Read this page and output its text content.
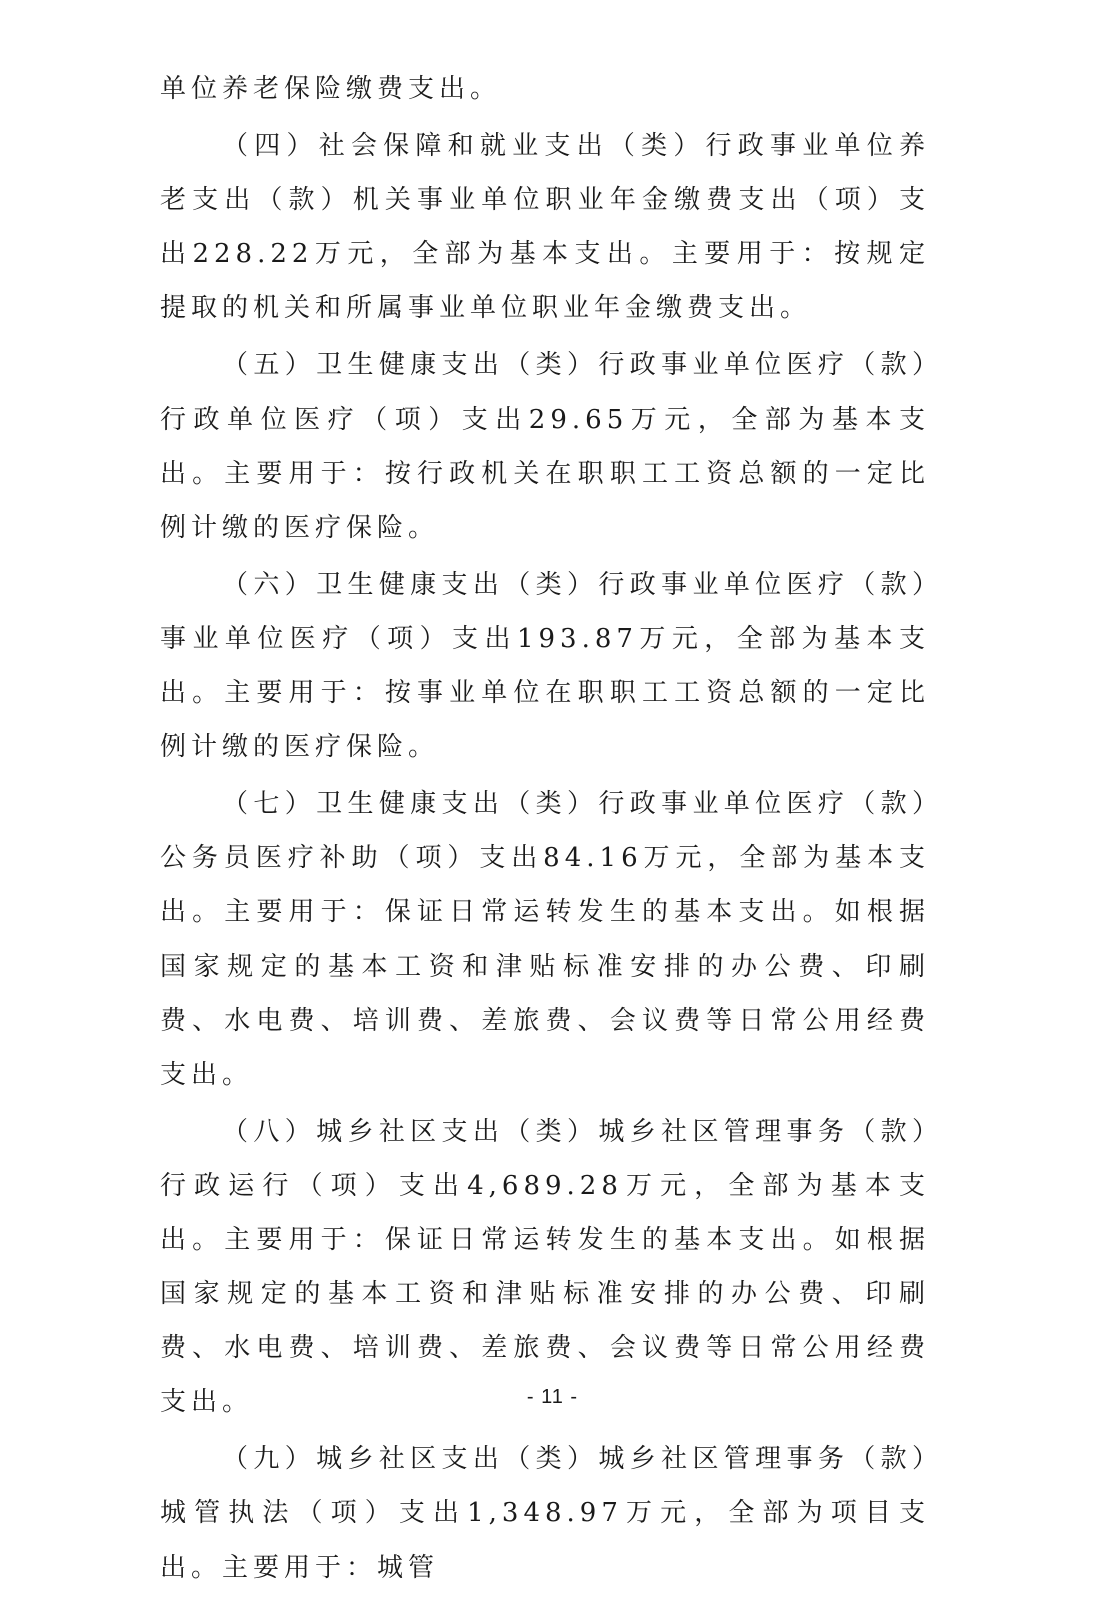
单位养老保险缴费支出。

（四）社会保障和就业支出（类）行政事业单位养老支出（款）机关事业单位职业年金缴费支出（项）支出228.22万元，全部为基本支出。主要用于：按规定提取的机关和所属事业单位职业年金缴费支出。

（五）卫生健康支出（类）行政事业单位医疗（款）行政单位医疗（项）支出29.65万元，全部为基本支出。主要用于：按行政机关在职职工工资总额的一定比例计缴的医疗保险。

（六）卫生健康支出（类）行政事业单位医疗（款）事业单位医疗（项）支出193.87万元，全部为基本支出。主要用于：按事业单位在职职工工资总额的一定比例计缴的医疗保险。

（七）卫生健康支出（类）行政事业单位医疗（款）公务员医疗补助（项）支出84.16万元，全部为基本支出。主要用于：保证日常运转发生的基本支出。如根据国家规定的基本工资和津贴标准安排的办公费、印刷费、水电费、培训费、差旅费、会议费等日常公用经费支出。

（八）城乡社区支出（类）城乡社区管理事务（款）行政运行（项）支出4,689.28万元，全部为基本支出。主要用于：保证日常运转发生的基本支出。如根据国家规定的基本工资和津贴标准安排的办公费、印刷费、水电费、培训费、差旅费、会议费等日常公用经费支出。

（九）城乡社区支出（类）城乡社区管理事务（款）城管执法（项）支出1,348.97万元，全部为项目支出。主要用于：城管

- 11 -
